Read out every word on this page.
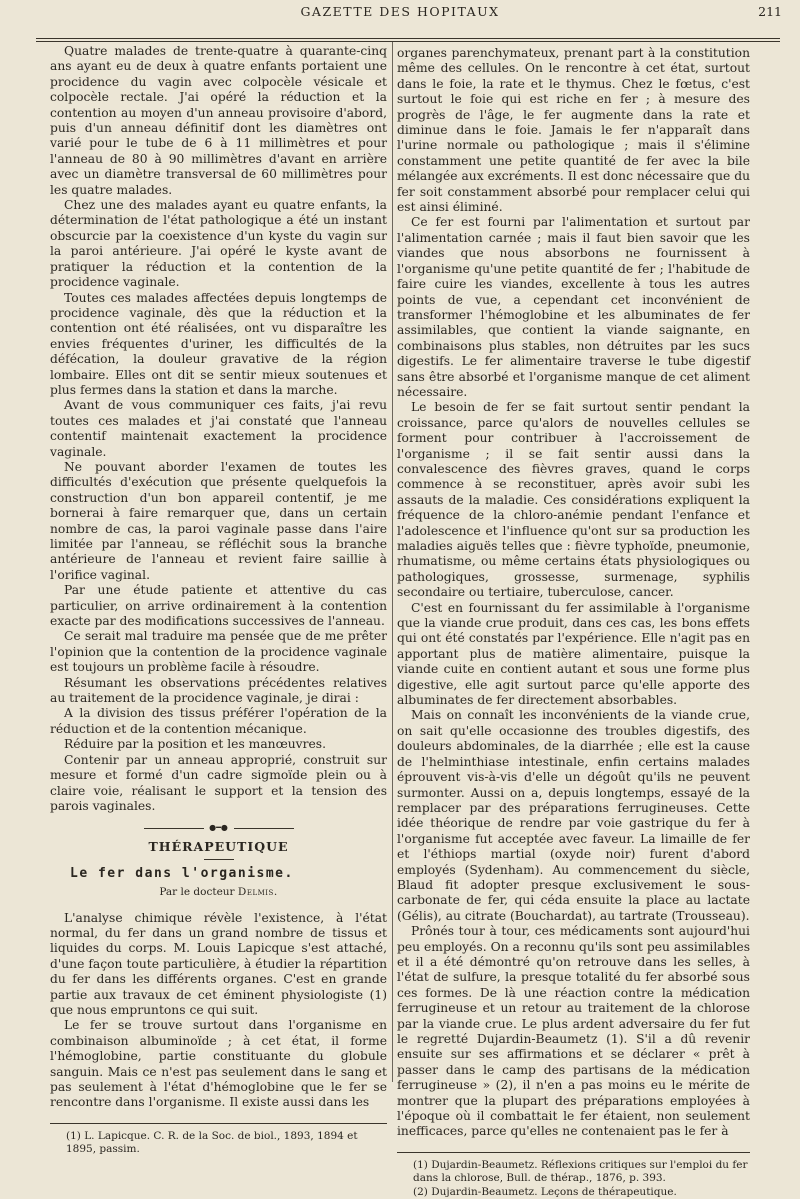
GAZETTE DES HOPITAUX	211

Quatre malades de trente-quatre à quarante-cinq ans ayant eu de deux à quatre enfants portaient une procidence du vagin avec colpocèle vésicale et colpocèle rectale. J'ai opéré la réduction et la contention au moyen d'un anneau provisoire d'abord, puis d'un anneau définitif dont les diamètres ont varié pour le tube de 6 à 11 millimètres et pour l'anneau de 80 à 90 millimètres d'avant en arrière avec un diamètre transversal de 60 millimètres pour les quatre malades.

Chez une des malades ayant eu quatre enfants, la détermination de l'état pathologique a été un instant obscurcie par la coexistence d'un kyste du vagin sur la paroi antérieure. J'ai opéré le kyste avant de pratiquer la réduction et la contention de la procidence vaginale.

Toutes ces malades affectées depuis longtemps de procidence vaginale, dès que la réduction et la contention ont été réalisées, ont vu disparaître les envies fréquentes d'uriner, les difficultés de la défécation, la douleur gravative de la région lombaire. Elles ont dit se sentir mieux soutenues et plus fermes dans la station et dans la marche.

Avant de vous communiquer ces faits, j'ai revu toutes ces malades et j'ai constaté que l'anneau contentif maintenait exactement la procidence vaginale.

Ne pouvant aborder l'examen de toutes les difficultés d'exécution que présente quelquefois la construction d'un bon appareil contentif, je me bornerai à faire remarquer que, dans un certain nombre de cas, la paroi vaginale passe dans l'aire limitée par l'anneau, se réfléchit sous la branche antérieure de l'anneau et revient faire saillie à l'orifice vaginal.

Par une étude patiente et attentive du cas particulier, on arrive ordinairement à la contention exacte par des modifications successives de l'anneau.

Ce serait mal traduire ma pensée que de me prêter l'opinion que la contention de la procidence vaginale est toujours un problème facile à résoudre.

Résumant les observations précédentes relatives au traitement de la procidence vaginale, je dirai :

A la division des tissus préférer l'opération de la réduction et de la contention mécanique.

Réduire par la position et les manœuvres.

Contenir par un anneau approprié, construit sur mesure et formé d'un cadre sigmoïde plein ou à claire voie, réalisant le support et la tension des parois vaginales.

●━●
THÉRAPEUTIQUE
Le fer dans l'organisme.
Par le docteur Delmis.

L'analyse chimique révèle l'existence, à l'état normal, du fer dans un grand nombre de tissus et liquides du corps. M. Louis Lapicque s'est attaché, d'une façon toute particulière, à étudier la répartition du fer dans les différents organes. C'est en grande partie aux travaux de cet éminent physiologiste (1) que nous empruntons ce qui suit.

Le fer se trouve surtout dans l'organisme en combinaison albuminoïde ; à cet état, il forme l'hémoglobine, partie constituante du globule sanguin. Mais ce n'est pas seulement dans le sang et pas seulement à l'état d'hémoglobine que le fer se rencontre dans l'organisme. Il existe aussi dans les

(1) L. Lapicque. C. R. de la Soc. de biol., 1893, 1894 et 1895, passim.

organes parenchymateux, prenant part à la constitution même des cellules. On le rencontre à cet état, surtout dans le foie, la rate et le thymus. Chez le fœtus, c'est surtout le foie qui est riche en fer ; à mesure des progrès de l'âge, le fer augmente dans la rate et diminue dans le foie. Jamais le fer n'apparaît dans l'urine normale ou pathologique ; mais il s'élimine constamment une petite quantité de fer avec la bile mélangée aux excréments. Il est donc nécessaire que du fer soit constamment absorbé pour remplacer celui qui est ainsi éliminé.

Ce fer est fourni par l'alimentation et surtout par l'alimentation carnée ; mais il faut bien savoir que les viandes que nous absorbons ne fournissent à l'organisme qu'une petite quantité de fer ; l'habitude de faire cuire les viandes, excellente à tous les autres points de vue, a cependant cet inconvénient de transformer l'hémoglobine et les albuminates de fer assimilables, que contient la viande saignante, en combinaisons plus stables, non détruites par les sucs digestifs. Le fer alimentaire traverse le tube digestif sans être absorbé et l'organisme manque de cet aliment nécessaire.

Le besoin de fer se fait surtout sentir pendant la croissance, parce qu'alors de nouvelles cellules se forment pour contribuer à l'accroissement de l'organisme ; il se fait sentir aussi dans la convalescence des fièvres graves, quand le corps commence à se reconstituer, après avoir subi les assauts de la maladie. Ces considérations expliquent la fréquence de la chloro-anémie pendant l'enfance et l'adolescence et l'influence qu'ont sur sa production les maladies aiguës telles que : fièvre typhoïde, pneumonie, rhumatisme, ou même certains états physiologiques ou pathologiques, grossesse, surmenage, syphilis secondaire ou tertiaire, tuberculose, cancer.

C'est en fournissant du fer assimilable à l'organisme que la viande crue produit, dans ces cas, les bons effets qui ont été constatés par l'expérience. Elle n'agit pas en apportant plus de matière alimentaire, puisque la viande cuite en contient autant et sous une forme plus digestive, elle agit surtout parce qu'elle apporte des albuminates de fer directement absorbables.

Mais on connaît les inconvénients de la viande crue, on sait qu'elle occasionne des troubles digestifs, des douleurs abdominales, de la diarrhée ; elle est la cause de l'helminthiase intestinale, enfin certains malades éprouvent vis-à-vis d'elle un dégoût qu'ils ne peuvent surmonter. Aussi on a, depuis longtemps, essayé de la remplacer par des préparations ferrugineuses. Cette idée théorique de rendre par voie gastrique du fer à l'organisme fut acceptée avec faveur. La limaille de fer et l'éthiops martial (oxyde noir) furent d'abord employés (Sydenham). Au commencement du siècle, Blaud fit adopter presque exclusivement le sous-carbonate de fer, qui céda ensuite la place au lactate (Gélis), au citrate (Bouchardat), au tartrate (Trousseau).

Prônés tour à tour, ces médicaments sont aujourd'hui peu employés. On a reconnu qu'ils sont peu assimilables et il a été démontré qu'on retrouve dans les selles, à l'état de sulfure, la presque totalité du fer absorbé sous ces formes. De là une réaction contre la médication ferrugineuse et un retour au traitement de la chlorose par la viande crue. Le plus ardent adversaire du fer fut le regretté Dujardin-Beaumetz (1). S'il a dû revenir ensuite sur ses affirmations et se déclarer « prêt à passer dans le camp des partisans de la médication ferrugineuse » (2), il n'en a pas moins eu le mérite de montrer que la plupart des préparations employées à l'époque où il combattait le fer étaient, non seulement inefficaces, parce qu'elles ne contenaient pas le fer à

(1) Dujardin-Beaumetz. Réflexions critiques sur l'emploi du fer dans la chlorose, Bull. de thérap., 1876, p. 393.

(2) Dujardin-Beaumetz. Leçons de thérapeutique.
